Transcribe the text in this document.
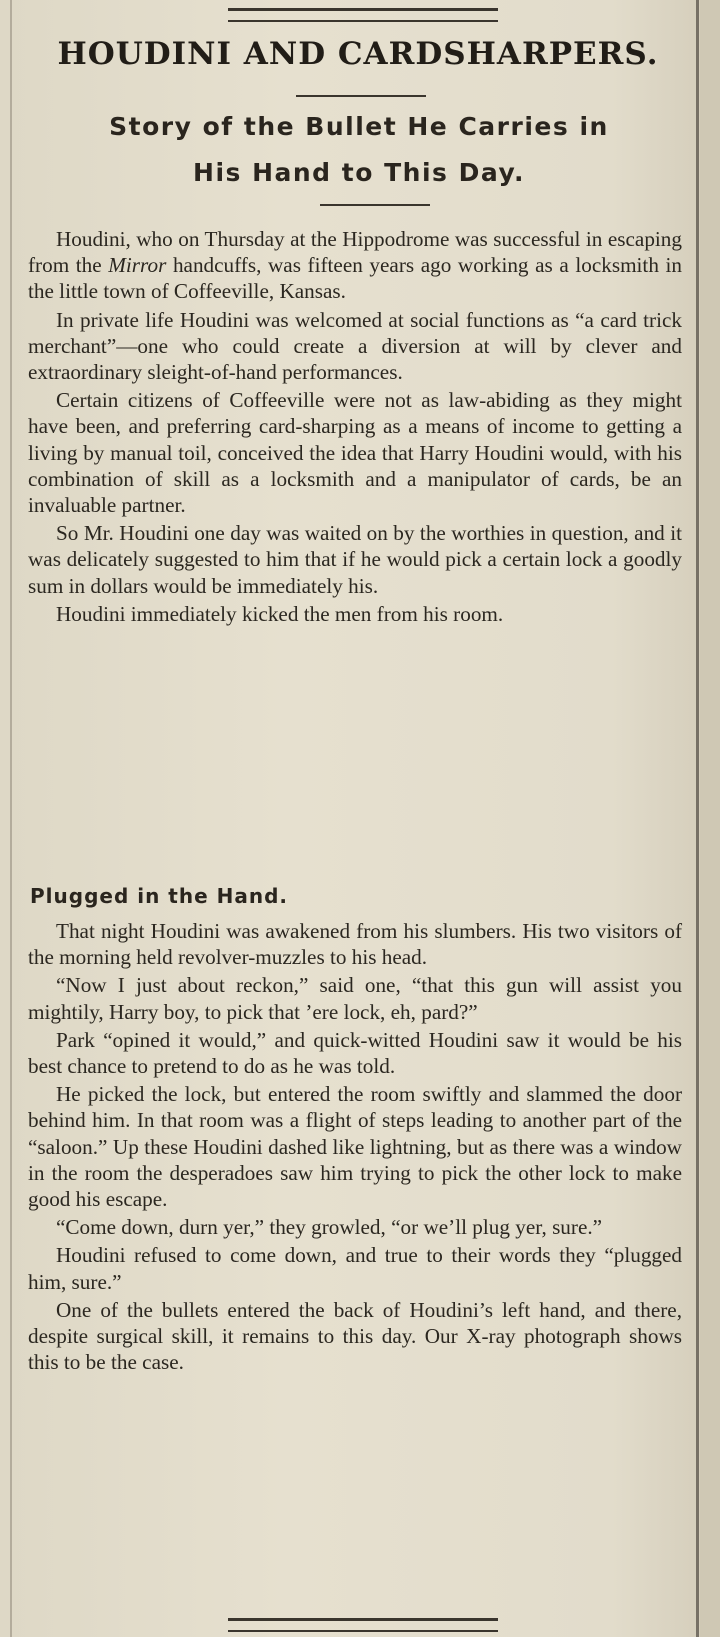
HOUDINI AND CARDSHARPERS.
Story of the Bullet He Carries in
His Hand to This Day.

Houdini, who on Thursday at the Hippodrome was successful in escaping from the Mirror handcuffs, was fifteen years ago working as a locksmith in the little town of Coffeeville, Kansas.

In private life Houdini was welcomed at social functions as “a card trick merchant”—one who could create a diversion at will by clever and extraordinary sleight-of-hand performances.

Certain citizens of Coffeeville were not as law-abiding as they might have been, and preferring card-sharping as a means of income to getting a living by manual toil, conceived the idea that Harry Houdini would, with his combination of skill as a locksmith and a manipulator of cards, be an invaluable partner.

So Mr. Houdini one day was waited on by the worthies in question, and it was delicately suggested to him that if he would pick a certain lock a goodly sum in dollars would be immediately his.

Houdini immediately kicked the men from his room.

Plugged in the Hand.

That night Houdini was awakened from his slumbers. His two visitors of the morning held revolver-muzzles to his head.

“Now I just about reckon,” said one, “that this gun will assist you mightily, Harry boy, to pick that ’ere lock, eh, pard?”

Park “opined it would,” and quick-witted Houdini saw it would be his best chance to pretend to do as he was told.

He picked the lock, but entered the room swiftly and slammed the door behind him. In that room was a flight of steps leading to another part of the “saloon.” Up these Houdini dashed like lightning, but as there was a window in the room the desperadoes saw him trying to pick the other lock to make good his escape.

“Come down, durn yer,” they growled, “or we’ll plug yer, sure.”

Houdini refused to come down, and true to their words they “plugged him, sure.”

One of the bullets entered the back of Houdini’s left hand, and there, despite surgical skill, it remains to this day. Our X-ray photograph shows this to be the case.
